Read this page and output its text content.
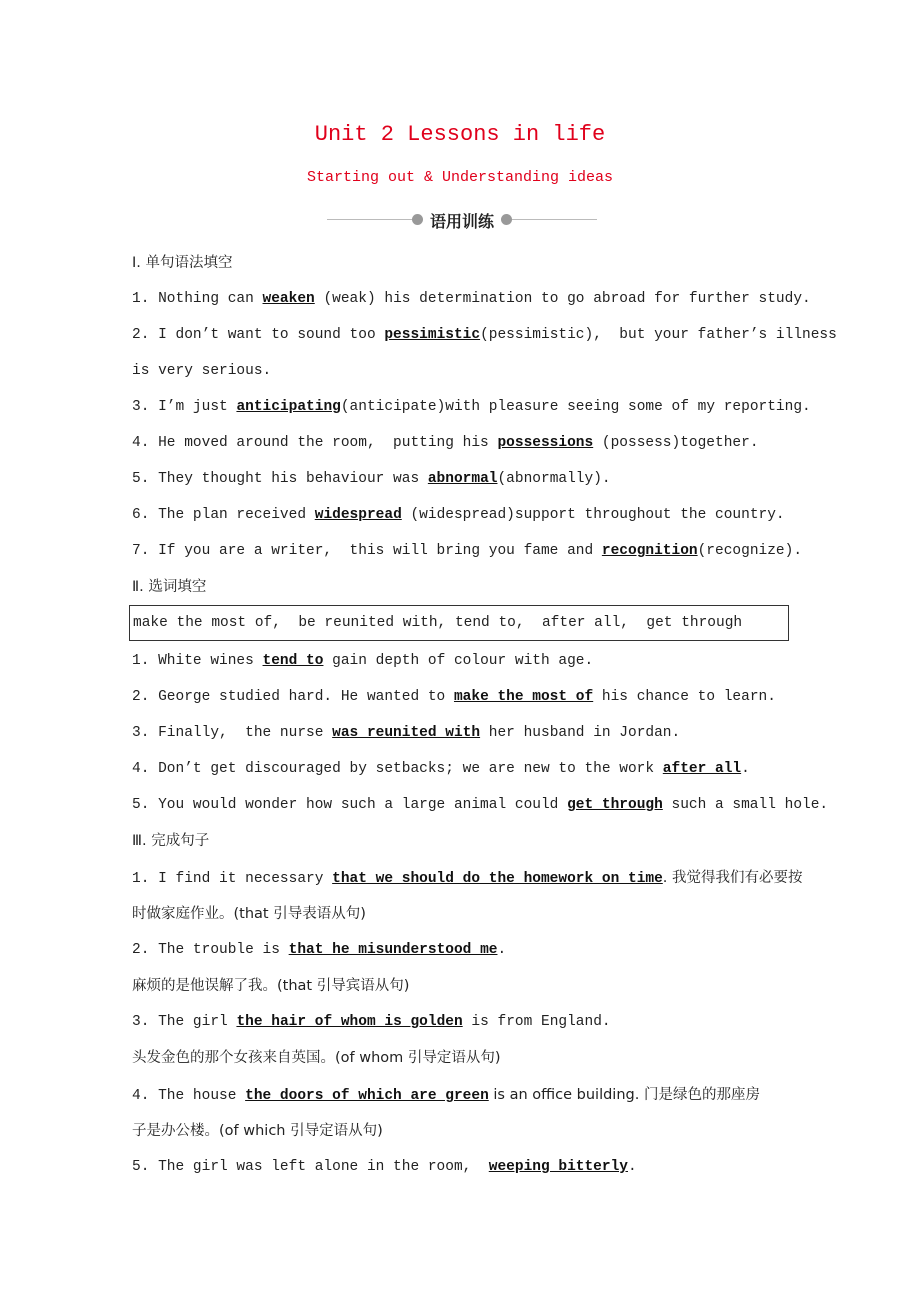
Unit 2 Lessons in life
Starting out & Understanding ideas
语用训练
Ⅰ. 单句语法填空
1. Nothing can weaken (weak) his determination to go abroad for further study.
2. I don’t want to sound too pessimistic(pessimistic),  but your father’s illness
is very serious.
3. I’m just anticipating(anticipate)with pleasure seeing some of my reporting.
4. He moved around the room,  putting his possessions (possess)together.
5. They thought his behaviour was abnormal(abnormally).
6. The plan received widespread (widespread)support throughout the country.
7. If you are a writer,  this will bring you fame and recognition(recognize).
Ⅱ. 选词填空
make the most of,  be reunited with, tend to,  after all,  get through
1. White wines tend to gain depth of colour with age.
2. George studied hard. He wanted to make the most of his chance to learn.
3. Finally,  the nurse was reunited with her husband in Jordan.
4. Don’t get discouraged by setbacks; we are new to the work after all.
5. You would wonder how such a large animal could get through such a small hole.
Ⅲ. 完成句子
1. I find it necessary that we should do the homework on time. 我觉得我们有必要按
时做家庭作业。(that 引导表语从句)
2. The trouble is that he misunderstood me.
麻烦的是他误解了我。(that 引导宾语从句)
3. The girl the hair of whom is golden is from England.
头发金色的那个女孩来自英国。(of whom 引导定语从句)
4. The house the doors of which are green is an office building. 门是绿色的那座房
子是办公楼。(of which 引导定语从句)
5. The girl was left alone in the room,  weeping bitterly.
